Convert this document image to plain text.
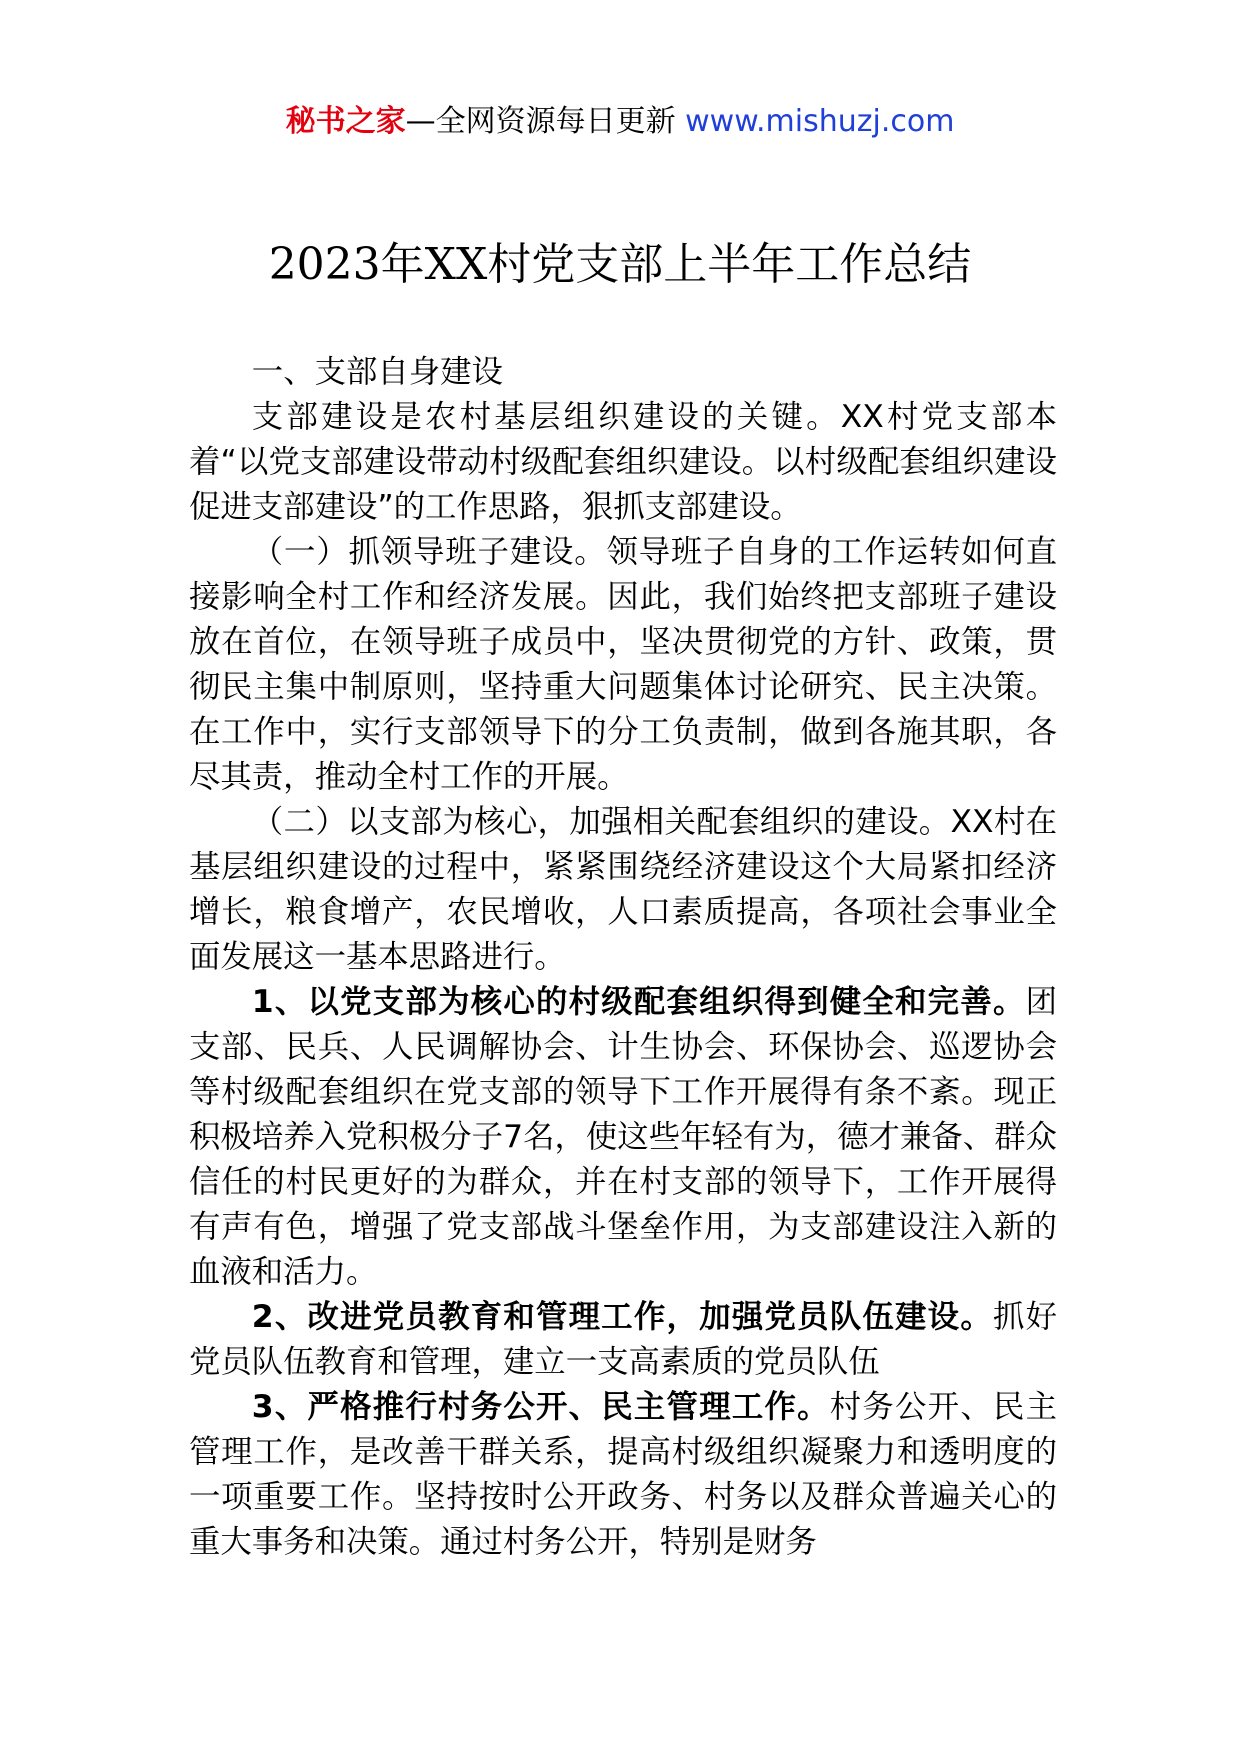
秘书之家—全网资源每日更新 www.mishuzj.com
2023年XX村党支部上半年工作总结

一、支部自身建设

支部建设是农村基层组织建设的关键。XX村党支部本着“以党支部建设带动村级配套组织建设。以村级配套组织建设促进支部建设”的工作思路，狠抓支部建设。

（一）抓领导班子建设。领导班子自身的工作运转如何直接影响全村工作和经济发展。因此，我们始终把支部班子建设放在首位，在领导班子成员中，坚决贯彻党的方针、政策，贯彻民主集中制原则，坚持重大问题集体讨论研究、民主决策。在工作中，实行支部领导下的分工负责制，做到各施其职，各尽其责，推动全村工作的开展。

（二）以支部为核心，加强相关配套组织的建设。XX村在基层组织建设的过程中，紧紧围绕经济建设这个大局紧扣经济增长，粮食增产，农民增收，人口素质提高，各项社会事业全面发展这一基本思路进行。

1、以党支部为核心的村级配套组织得到健全和完善。团支部、民兵、人民调解协会、计生协会、环保协会、巡逻协会等村级配套组织在党支部的领导下工作开展得有条不紊。现正积极培养入党积极分子7名，使这些年轻有为，德才兼备、群众信任的村民更好的为群众，并在村支部的领导下，工作开展得有声有色，增强了党支部战斗堡垒作用，为支部建设注入新的血液和活力。

2、改进党员教育和管理工作，加强党员队伍建设。抓好党员队伍教育和管理，建立一支高素质的党员队伍

3、严格推行村务公开、民主管理工作。村务公开、民主管理工作，是改善干群关系，提高村级组织凝聚力和透明度的一项重要工作。坚持按时公开政务、村务以及群众普遍关心的重大事务和决策。通过村务公开，特别是财务
